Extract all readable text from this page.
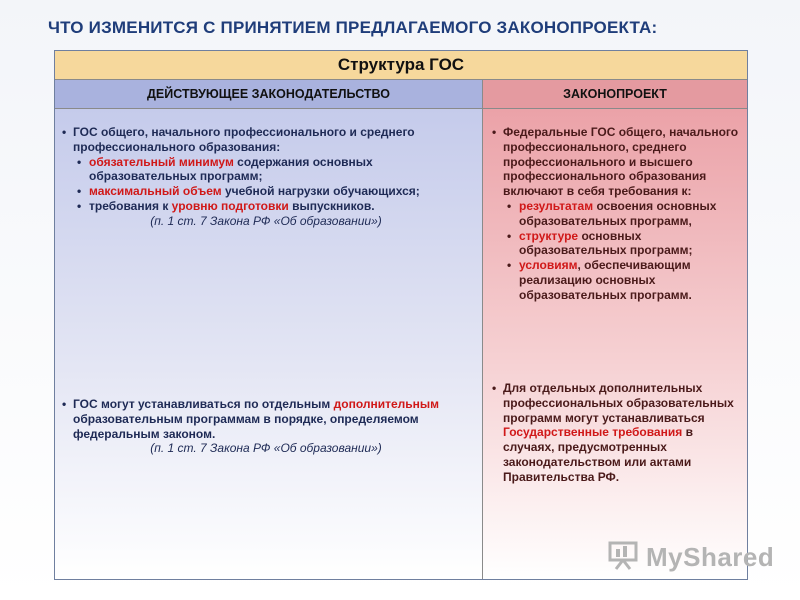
ЧТО ИЗМЕНИТСЯ С ПРИНЯТИЕМ ПРЕДЛАГАЕМОГО ЗАКОНОПРОЕКТА:
Структура ГОС
ДЕЙСТВУЮЩЕЕ ЗАКОНОДАТЕЛЬСТВО	ЗАКОНОПРОЕКТ
• ГОС общего, начального профессионального и среднего профессионального образования:
• обязательный минимум содержания основных образовательных программ;
• максимальный объем учебной нагрузки обучающихся;
• требования к уровню подготовки выпускников.
(п. 1 ст. 7 Закона РФ «Об образовании»)
• ГОС могут устанавливаться по отдельным дополнительным образовательным программам в порядке, определяемом федеральным законом.
(п. 1 ст. 7 Закона РФ «Об образовании»)
• Федеральные ГОС общего, начального профессионального, среднего профессионального и высшего профессионального образования включают в себя требования к:
• результатам освоения основных образовательных программ,
• структуре основных образовательных программ;
• условиям, обеспечивающим реализацию основных образовательных программ.
• Для отдельных дополнительных профессиональных образовательных программ могут устанавливаться Государственные требования в случаях, предусмотренных законодательством или актами Правительства РФ.
MyShared
